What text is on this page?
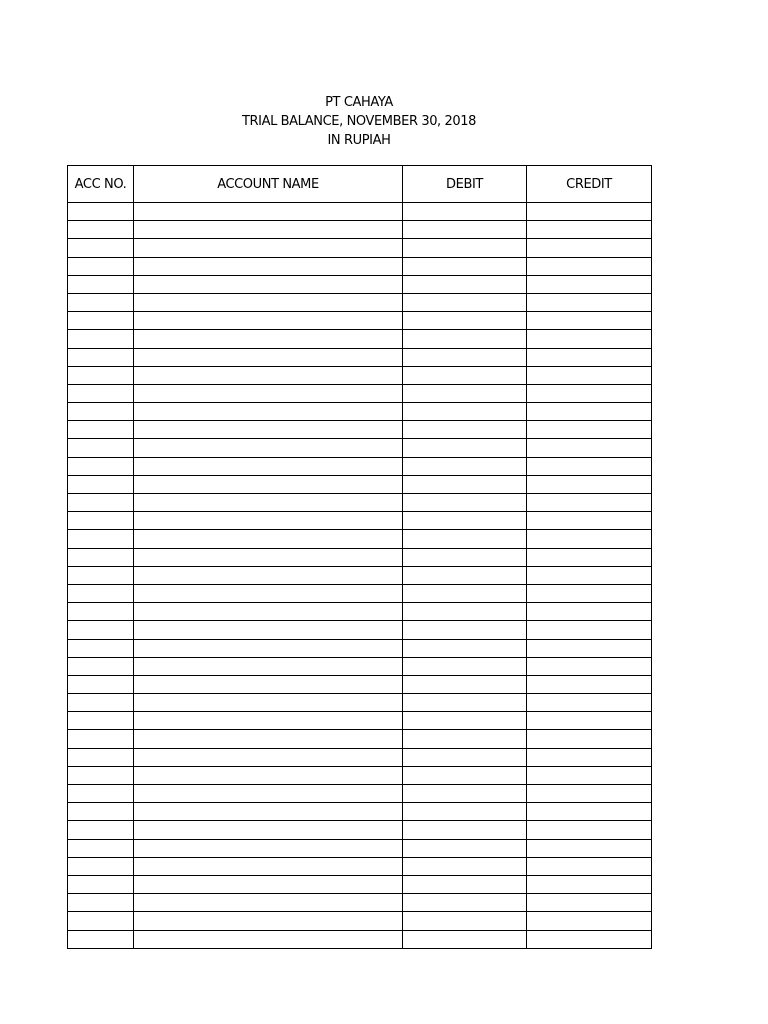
PT CAHAYA
TRIAL BALANCE, NOVEMBER 30, 2018
IN RUPIAH
ACC NO.	ACCOUNT NAME	DEBIT	CREDIT
